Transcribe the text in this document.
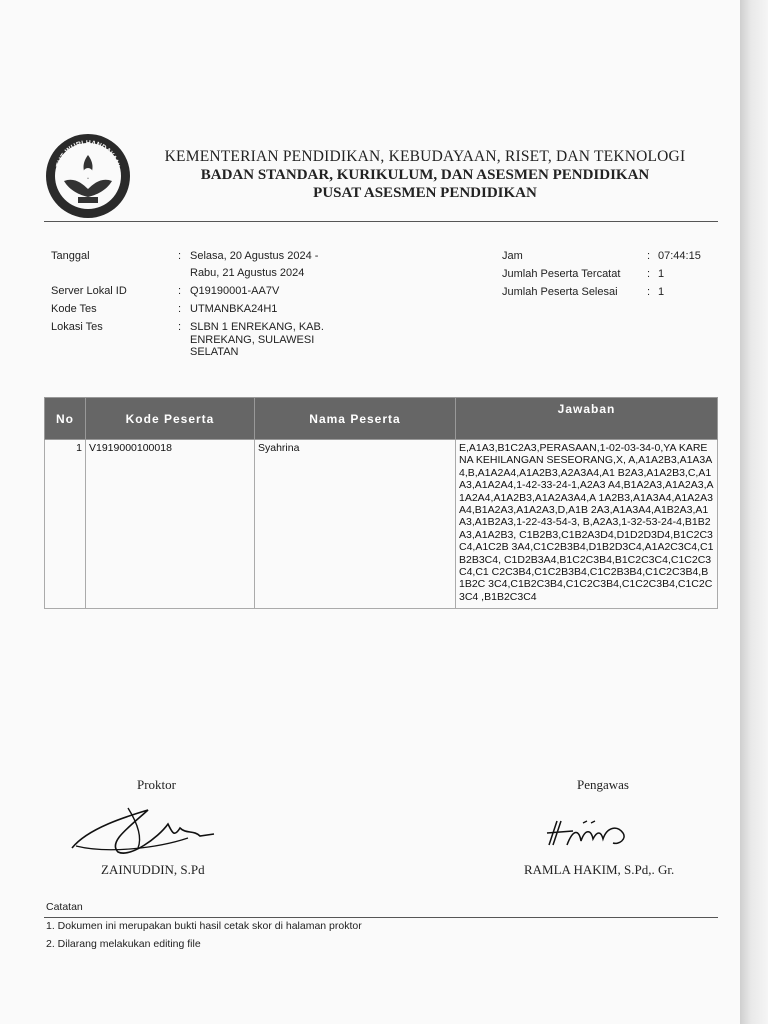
TUT WURI HANDAYANI
KEMENTERIAN PENDIDIKAN, KEBUDAYAAN, RISET, DAN TEKNOLOGI
BADAN STANDAR, KURIKULUM, DAN ASESMEN PENDIDIKAN
PUSAT ASESMEN PENDIDIKAN
Tanggal	: Selasa, 20 Agustus 2024 -
Rabu, 21 Agustus 2024
Server Lokal ID	: Q19190001-AA7V
Kode Tes	: UTMANBKA24H1
Lokasi Tes	: SLBN 1 ENREKANG, KAB. ENREKANG, SULAWESI SELATAN
Jam	: 07:44:15
Jumlah Peserta Tercatat : 1
Jumlah Peserta Selesai	: 1
No	Kode Peserta	Nama Peserta	Jawaban
1	V1919000100018	Syahrina	E,A1A3,B1C2A3,PERASAAN,1-02-03-34-0,YA KARENA KEHILANGAN SESEORANG,X, A,A1A2B3,A1A3A4,B,A1A2A4,A1A2B3,A2A3A4,A1 B2A3,A1A2B3,C,A1A3,A1A2A4,1-42-33-24-1,A2A3 A4,B1A2A3,A1A2A3,A1A2A4,A1A2B3,A1A2A3A4,A 1A2B3,A1A3A4,A1A2A3A4,B1A2A3,A1A2A3,D,A1B 2A3,A1A3A4,A1B2A3,A1A3,A1B2A3,1-22-43-54-3, B,A2A3,1-32-53-24-4,B1B2A3,A1A2B3, C1B2B3,C1B2A3D4,D1D2D3D4,B1C2C3C4,A1C2B 3A4,C1C2B3B4,D1B2D3C4,A1A2C3C4,C1B2B3C4, C1D2B3A4,B1C2C3B4,B1C2C3C4,C1C2C3C4,C1 C2C3B4,C1C2B3B4,C1C2B3B4,C1C2C3B4,B1B2C 3C4,C1B2C3B4,C1C2C3B4,C1C2C3B4,C1C2C3C4 ,B1B2C3C4
Proktor
ZAINUDDIN, S.Pd
Pengawas
RAMLA HAKIM, S.Pd,. Gr.
Catatan
1. Dokumen ini merupakan bukti hasil cetak skor di halaman proktor
2. Dilarang melakukan editing file
